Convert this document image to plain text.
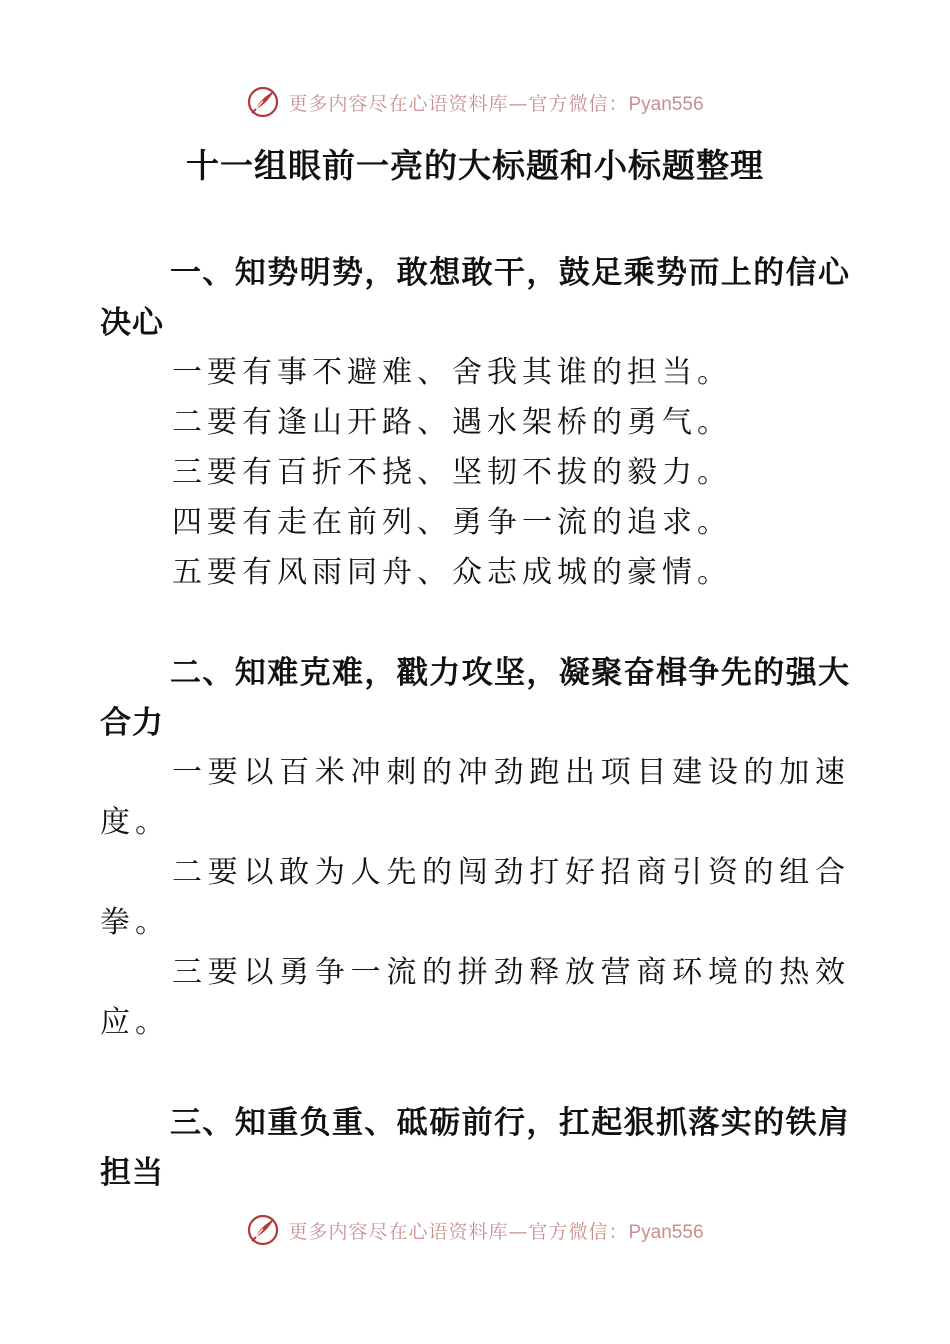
更多内容尽在心语资料库—官方微信：Pyan556
十一组眼前一亮的大标题和小标题整理

一、知势明势，敢想敢干，鼓足乘势而上的信心决心

一要有事不避难、舍我其谁的担当。

二要有逢山开路、遇水架桥的勇气。

三要有百折不挠、坚韧不拔的毅力。

四要有走在前列、勇争一流的追求。

五要有风雨同舟、众志成城的豪情。

二、知难克难，戳力攻坚，凝聚奋楫争先的强大合力

一要以百米冲刺的冲劲跑出项目建设的加速度。

二要以敢为人先的闯劲打好招商引资的组合拳。

三要以勇争一流的拼劲释放营商环境的热效应。

三、知重负重、砥砺前行，扛起狠抓落实的铁肩担当

更多内容尽在心语资料库—官方微信：Pyan556
